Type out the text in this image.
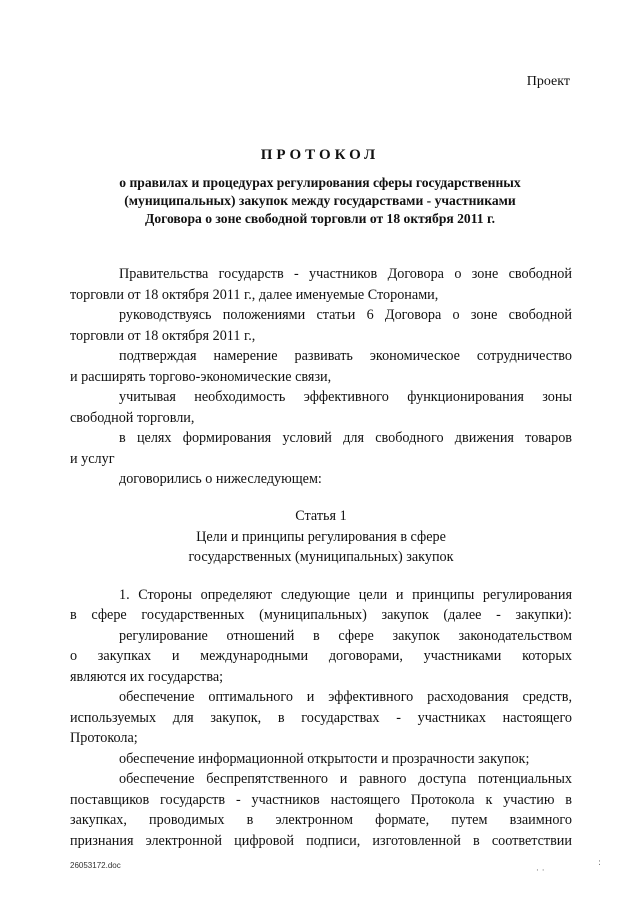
Проект
ПРОТОКОЛ
о правилах и процедурах регулирования сферы государственных
(муниципальных) закупок между государствами - участниками
Договора о зоне свободной торговли от 18 октября 2011 г.
Правительства государств - участников Договора о зоне свободной
торговли от 18 октября 2011 г., далее именуемые Сторонами,
руководствуясь положениями статьи 6 Договора о зоне свободной
торговли от 18 октября 2011 г.,
подтверждая намерение развивать экономическое сотрудничество
и расширять торгово-экономические связи,
учитывая необходимость эффективного функционирования зоны
свободной торговли,
в целях формирования условий для свободного движения товаров
и услуг
договорились о нижеследующем:
Статья 1
Цели и принципы регулирования в сфере
государственных (муниципальных) закупок
1. Стороны определяют следующие цели и принципы регулирования
в сфере государственных (муниципальных) закупок (далее - закупки):
регулирование отношений в сфере закупок законодательством
о закупках и международными договорами, участниками которых
являются их государства;
обеспечение оптимального и эффективного расходования средств,
используемых для закупок, в государствах - участниках настоящего
Протокола;
обеспечение информационной открытости и прозрачности закупок;
обеспечение беспрепятственного и равного доступа потенциальных
поставщиков государств - участников настоящего Протокола к участию в
закупках, проводимых в электронном формате, путем взаимного
признания электронной цифровой подписи, изготовленной в соответствии
26053172.doc
· ·
:
